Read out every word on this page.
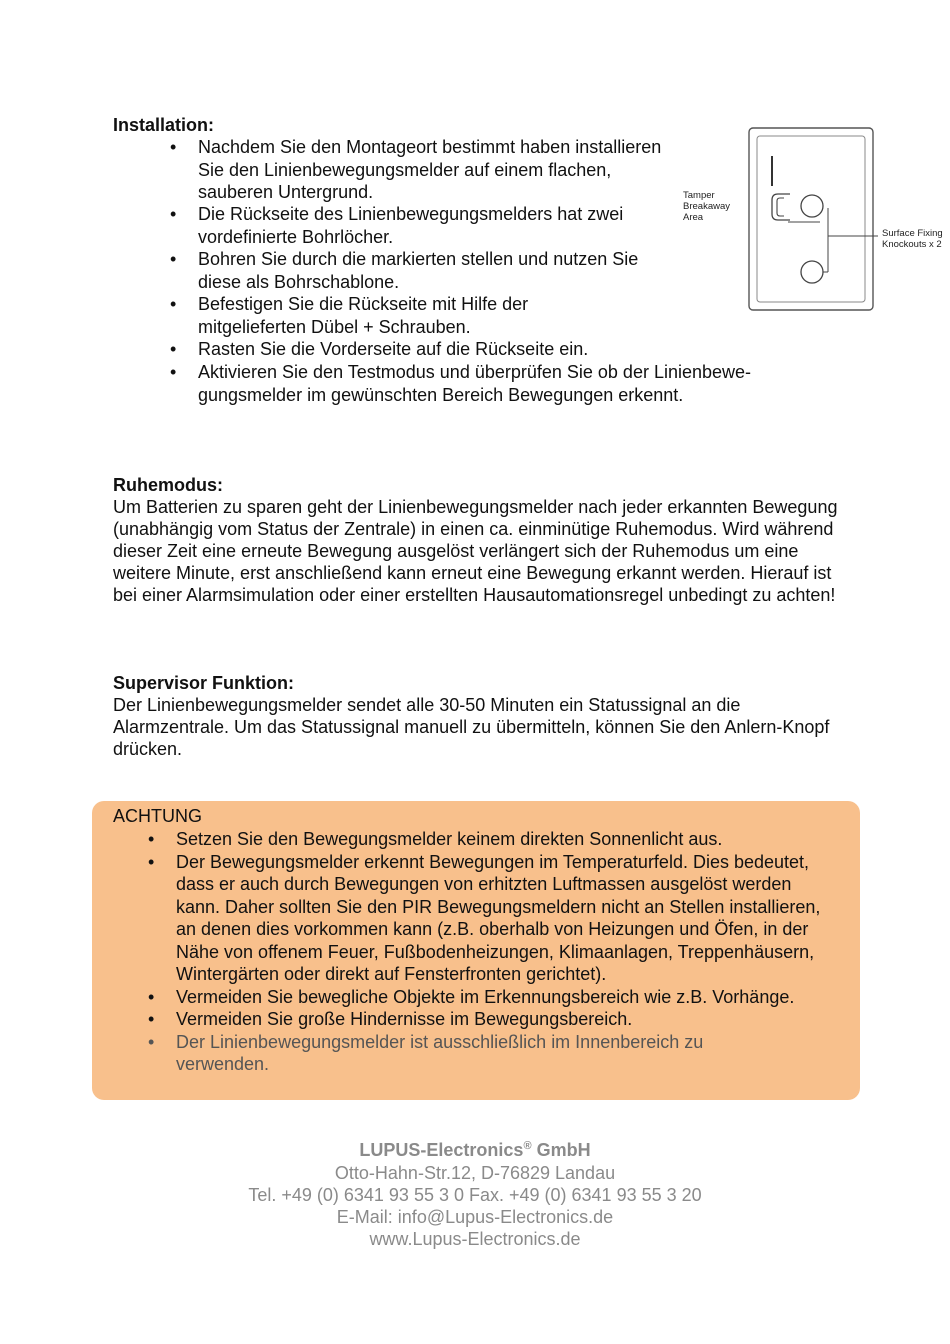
Installation:
• Nachdem Sie den Montageort bestimmt haben installieren Sie den Linienbewegungsmelder auf einem flachen, sauberen Untergrund.
• Die Rückseite des Linienbewegungsmelders hat zwei vordefinierte Bohrlöcher.
• Bohren Sie durch die markierten stellen und nutzen Sie diese als Bohrschablone.
• Befestigen Sie die Rückseite mit Hilfe der mitgelieferten Dübel + Schrauben.
• Rasten Sie die Vorderseite auf die Rückseite ein.
• Aktivieren Sie den Testmodus und überprüfen Sie ob der Linienbewe-gungsmelder im gewünschten Bereich Bewegungen erkennt.
Tamper
Breakaway
Area
Surface Fixing
Knockouts x 2
Ruhemodus:

Um Batterien zu sparen geht der Linienbewegungsmelder nach jeder erkannten Bewegung (unabhängig vom Status der Zentrale) in einen ca. einminütige Ruhemodus. Wird während dieser Zeit eine erneute Bewegung ausgelöst verlängert sich der Ruhemodus um eine weitere Minute, erst anschließend kann erneut eine Bewegung erkannt werden. Hierauf ist bei einer Alarmsimulation oder einer erstellten Hausautomationsregel unbedingt zu achten!

Supervisor Funktion:

Der Linienbewegungsmelder sendet alle 30-50 Minuten ein Statussignal an die Alarmzentrale. Um das Statussignal manuell zu übermitteln, können Sie den Anlern-Knopf drücken.

ACHTUNG

• Setzen Sie den Bewegungsmelder keinem direkten Sonnenlicht aus.
• Der Bewegungsmelder erkennt Bewegungen im Temperaturfeld. Dies bedeutet, dass er auch durch Bewegungen von erhitzten Luftmassen ausgelöst werden kann. Daher sollten Sie den PIR Bewegungsmeldern nicht an Stellen installieren, an denen dies vorkommen kann (z.B. oberhalb von Heizungen und Öfen, in der Nähe von offenem Feuer, Fußbodenheizungen, Klimaanlagen, Treppenhäusern, Wintergärten oder direkt auf Fensterfronten gerichtet).
• Vermeiden Sie bewegliche Objekte im Erkennungsbereich wie z.B. Vorhänge.
• Vermeiden Sie große Hindernisse im Bewegungsbereich.
• Der Linienbewegungsmelder ist ausschließlich im Innenbereich zu verwenden.
LUPUS-Electronics® GmbH
Otto-Hahn-Str.12, D-76829 Landau
Tel. +49 (0) 6341 93 55 3 0 Fax. +49 (0) 6341 93 55 3 20
E-Mail: info@Lupus-Electronics.de
www.Lupus-Electronics.de
